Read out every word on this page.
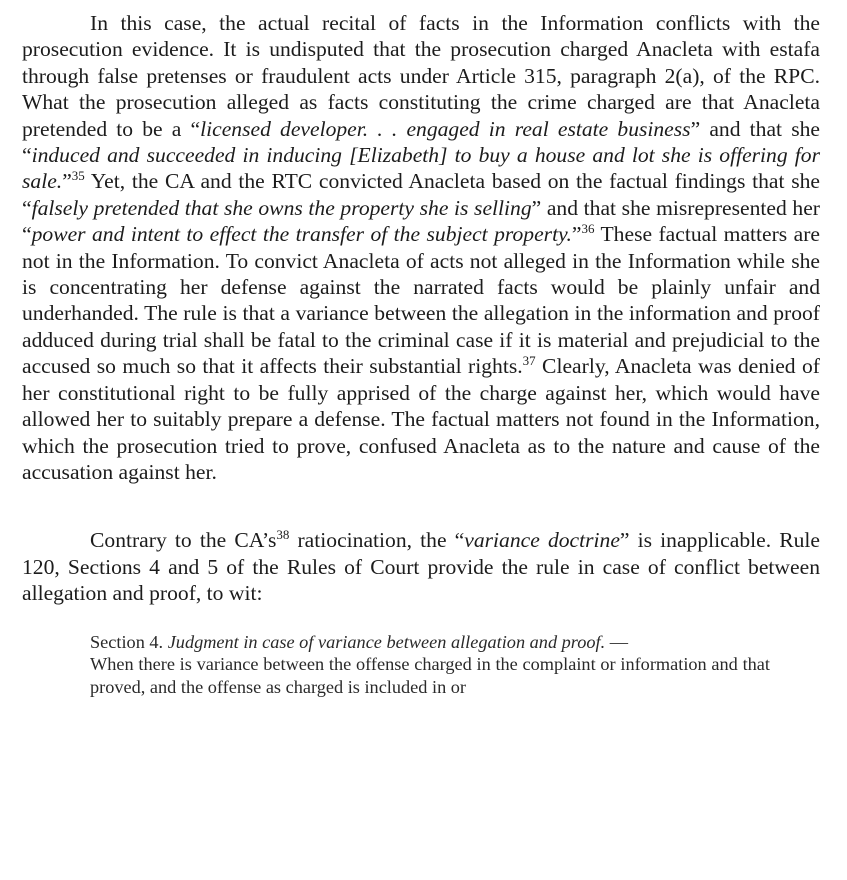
In this case, the actual recital of facts in the Information conflicts with the prosecution evidence. It is undisputed that the prosecution charged Anacleta with estafa through false pretenses or fraudulent acts under Article 315, paragraph 2(a), of the RPC. What the prosecution alleged as facts constituting the crime charged are that Anacleta pretended to be a “licensed developer. . . engaged in real estate business” and that she “induced and succeeded in inducing [Elizabeth] to buy a house and lot she is offering for sale.”$^{35}$ Yet, the CA and the RTC convicted Anacleta based on the factual findings that she “falsely pretended that she owns the property she is selling” and that she misrepresented her “power and intent to effect the transfer of the subject property.”$^{36}$ These factual matters are not in the Information. To convict Anacleta of acts not alleged in the Information while she is concentrating her defense against the narrated facts would be plainly unfair and underhanded. The rule is that a variance between the allegation in the information and proof adduced during trial shall be fatal to the criminal case if it is material and prejudicial to the accused so much so that it affects their substantial rights.$^{37}$ Clearly, Anacleta was denied of her constitutional right to be fully apprised of the charge against her, which would have allowed her to suitably prepare a defense. The factual matters not found in the Information, which the prosecution tried to prove, confused Anacleta as to the nature and cause of the accusation against her.

Contrary to the $CA’s^{38}$ ratiocination, the “variance doctrine” is inapplicable. Rule 120, Sections 4 and 5 of the Rules of Court provide the rule in case of conflict between allegation and proof, to wit:

Section 4. Judgment in case of variance between allegation and proof. —
When there is variance between the offense charged in the complaint or information and that proved, and the offense as charged is included in or
